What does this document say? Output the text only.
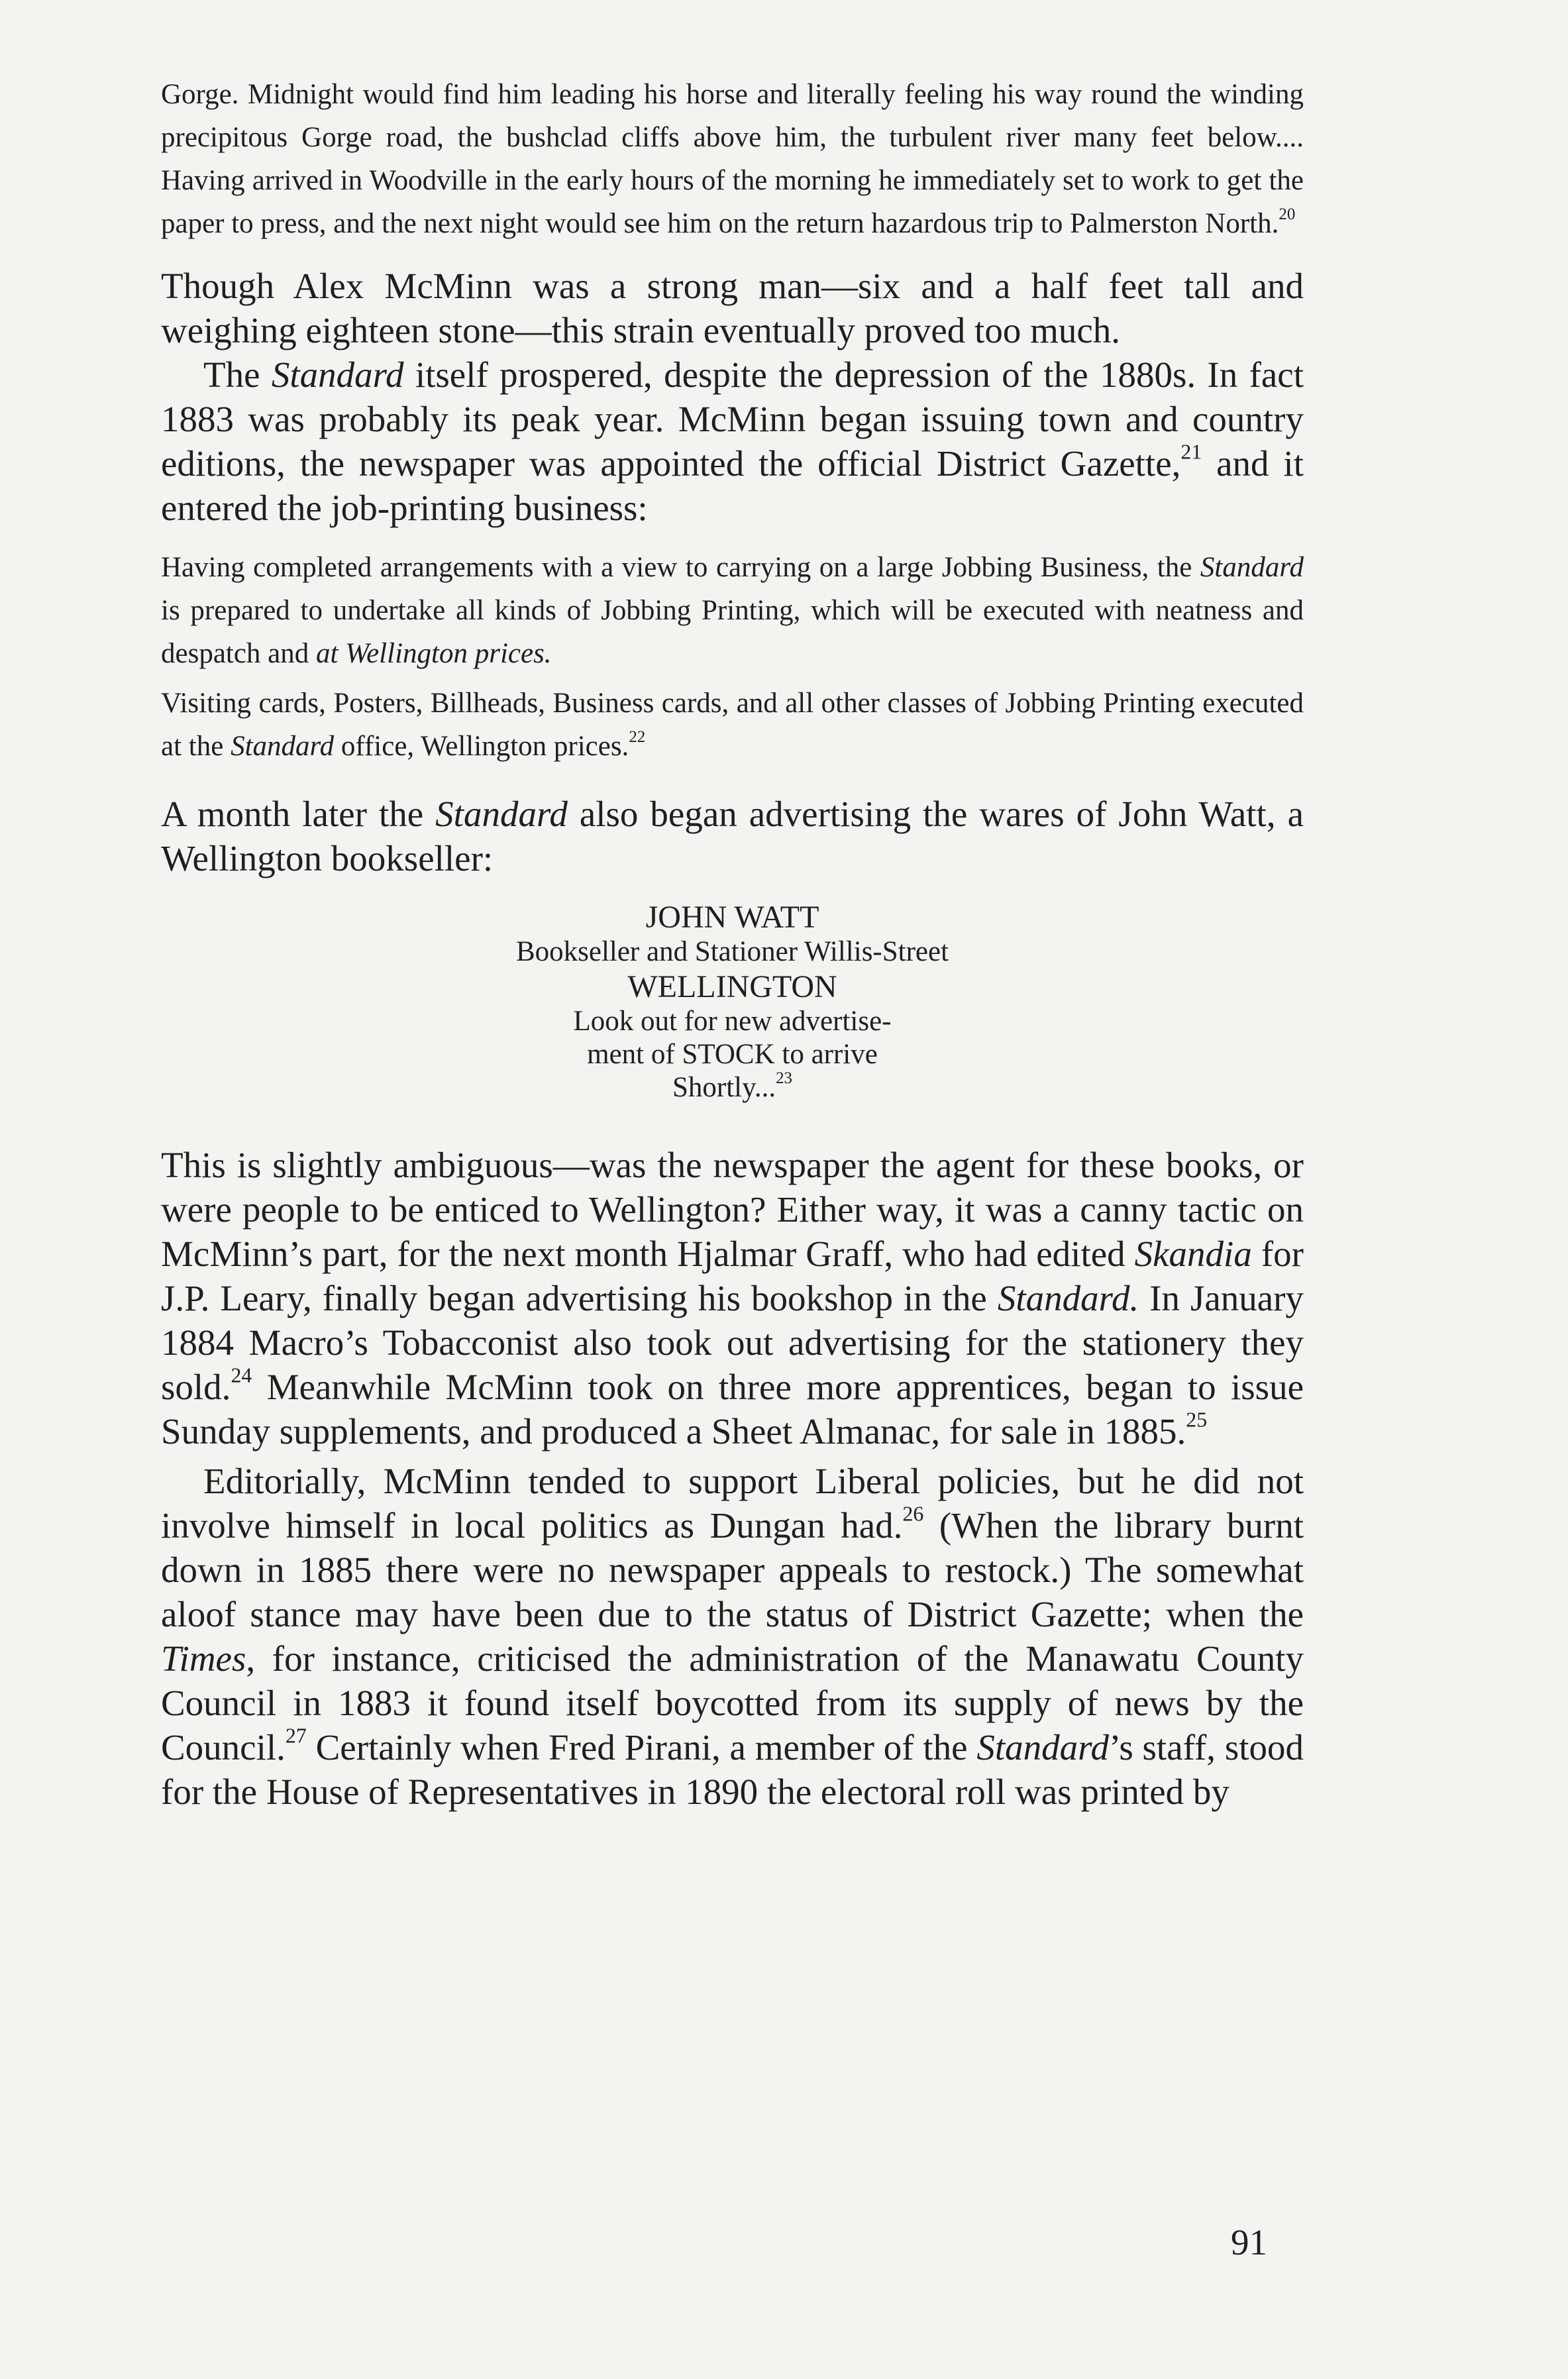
Gorge. Midnight would find him leading his horse and literally feeling his way round the winding precipitous Gorge road, the bushclad cliffs above him, the turbulent river many feet below.... Having arrived in Woodville in the early hours of the morning he immediately set to work to get the paper to press, and the next night would see him on the return hazardous trip to Palmerston North.$^{20}$

Though Alex McMinn was a strong man—six and a half feet tall and weighing eighteen stone—this strain eventually proved too much.

The Standard itself prospered, despite the depression of the 1880s. In fact 1883 was probably its peak year. McMinn began issuing town and country editions, the newspaper was appointed the official District Gazette,$^{21}$ and it entered the job-printing business:

Having completed arrangements with a view to carrying on a large Jobbing Business, the Standard is prepared to undertake all kinds of Jobbing Printing, which will be executed with neatness and despatch and at Wellington prices.

Visiting cards, Posters, Billheads, Business cards, and all other classes of Jobbing Printing executed at the Standard office, Wellington prices.$^{22}$

A month later the Standard also began advertising the wares of John Watt, a Wellington bookseller:

JOHN WATT
Bookseller and Stationer Willis-Street
WELLINGTON
Look out for new advertise-
ment of STOCK to arrive
Shortly...$^{23}$

This is slightly ambiguous—was the newspaper the agent for these books, or were people to be enticed to Wellington? Either way, it was a canny tactic on McMinn’s part, for the next month Hjalmar Graff, who had edited Skandia for J.P. Leary, finally began advertising his bookshop in the Standard. In January 1884 Macro’s Tobacconist also took out advertising for the stationery they sold.$^{24}$ Meanwhile McMinn took on three more apprentices, began to issue Sunday supplements, and produced a Sheet Almanac, for sale in 1885.25

Editorially, McMinn tended to support Liberal policies, but he did not involve himself in local politics as Dungan had.$^{26}$ (When the library burnt down in 1885 there were no newspaper appeals to restock.) The somewhat aloof stance may have been due to the status of District Gazette; when the Times, for instance, criticised the administration of the Manawatu County Council in 1883 it found itself boycotted from its supply of news by the Council.$^{27}$ Certainly when Fred Pirani, a member of the Standard’s staff, stood for the House of Representatives in 1890 the electoral roll was printed by

91
